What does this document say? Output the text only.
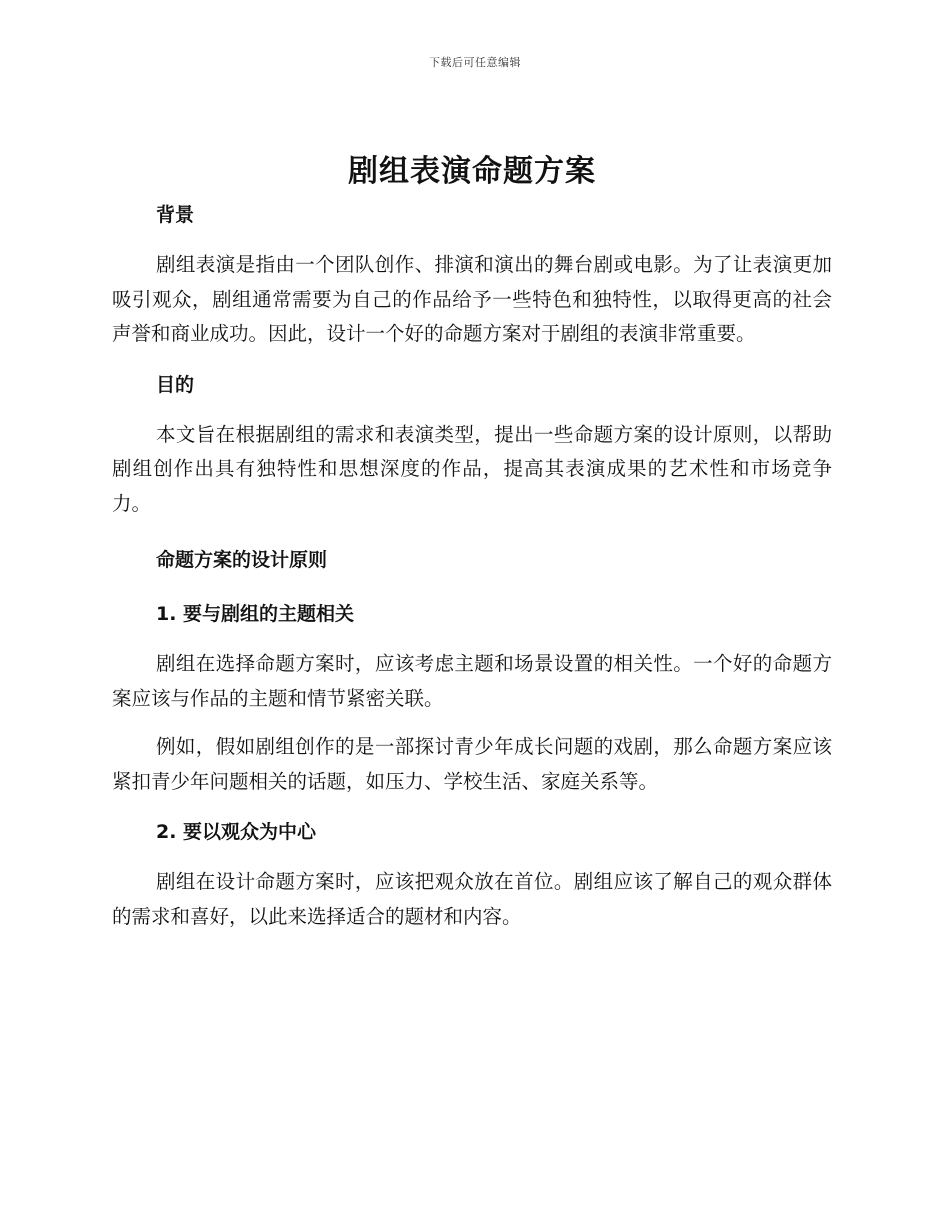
下载后可任意编辑
剧组表演命题方案
背景

剧组表演是指由一个团队创作、排演和演出的舞台剧或电影。为了让表演更加吸引观众，剧组通常需要为自己的作品给予一些特色和独特性，以取得更高的社会声誉和商业成功。因此，设计一个好的命题方案对于剧组的表演非常重要。

目的

本文旨在根据剧组的需求和表演类型，提出一些命题方案的设计原则，以帮助剧组创作出具有独特性和思想深度的作品，提高其表演成果的艺术性和市场竞争力。

命题方案的设计原则
1. 要与剧组的主题相关

剧组在选择命题方案时，应该考虑主题和场景设置的相关性。一个好的命题方案应该与作品的主题和情节紧密关联。

例如，假如剧组创作的是一部探讨青少年成长问题的戏剧，那么命题方案应该紧扣青少年问题相关的话题，如压力、学校生活、家庭关系等。

2. 要以观众为中心

剧组在设计命题方案时，应该把观众放在首位。剧组应该了解自己的观众群体的需求和喜好，以此来选择适合的题材和内容。
